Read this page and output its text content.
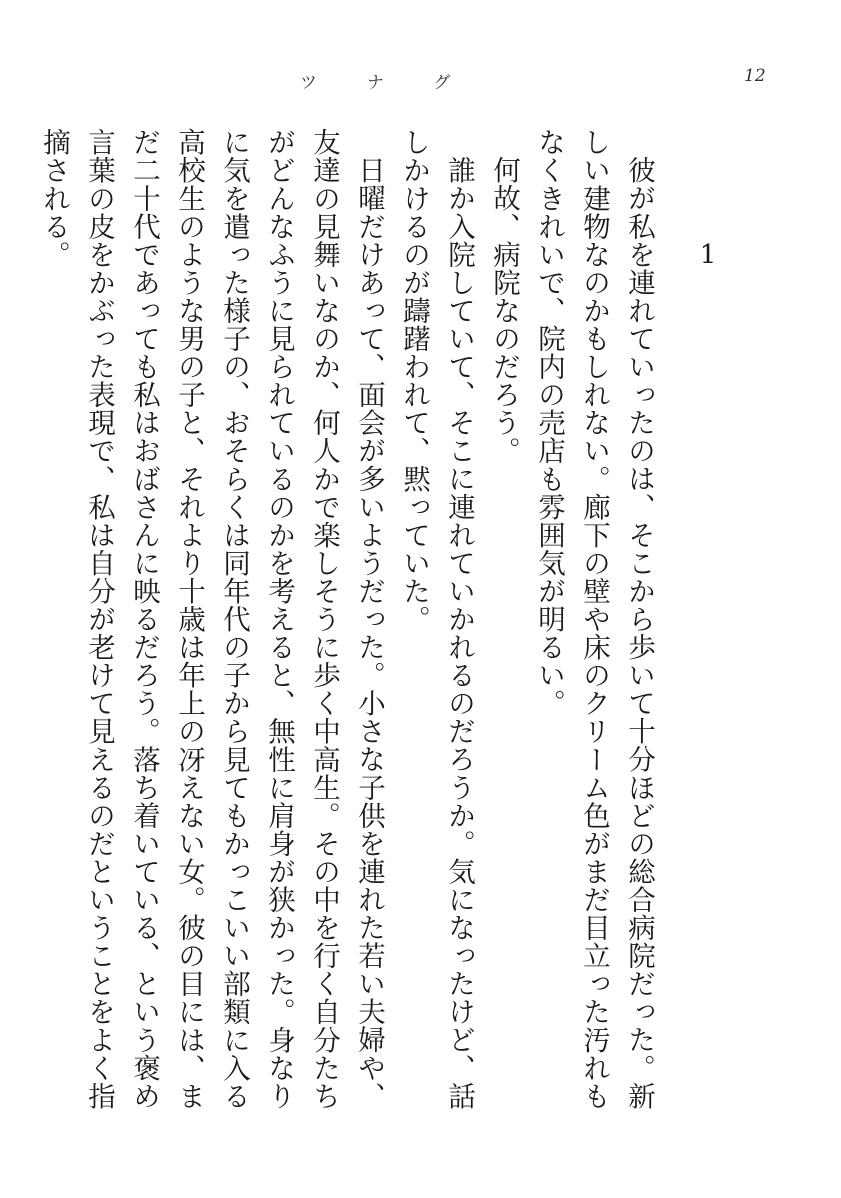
ツナグ	12
1

彼が私を連れていったのは、そこから歩いて十分ほどの総合病院だった。新しい建物なのかもしれない。廊下の壁や床のクリーム色がまだ目立った汚れもなくきれいで、院内の売店も雰囲気が明るい。

何故、病院なのだろう。

誰か入院していて、そこに連れていかれるのだろうか。気になったけど、話しかけるのが躊躇われて、黙っていた。

日曜だけあって、面会が多いようだった。小さな子供を連れた若い夫婦や、友達の見舞いなのか、何人かで楽しそうに歩く中高生。その中を行く自分たちがどんなふうに見られているのかを考えると、無性に肩身が狭かった。身なりに気を遣った様子の、おそらくは同年代の子から見てもかっこいい部類に入る高校生のような男の子と、それより十歳は年上の冴えない女。彼の目には、まだ二十代であっても私はおばさんに映るだろう。落ち着いている、という褒め言葉の皮をかぶった表現で、私は自分が老けて見えるのだということをよく指摘される。
